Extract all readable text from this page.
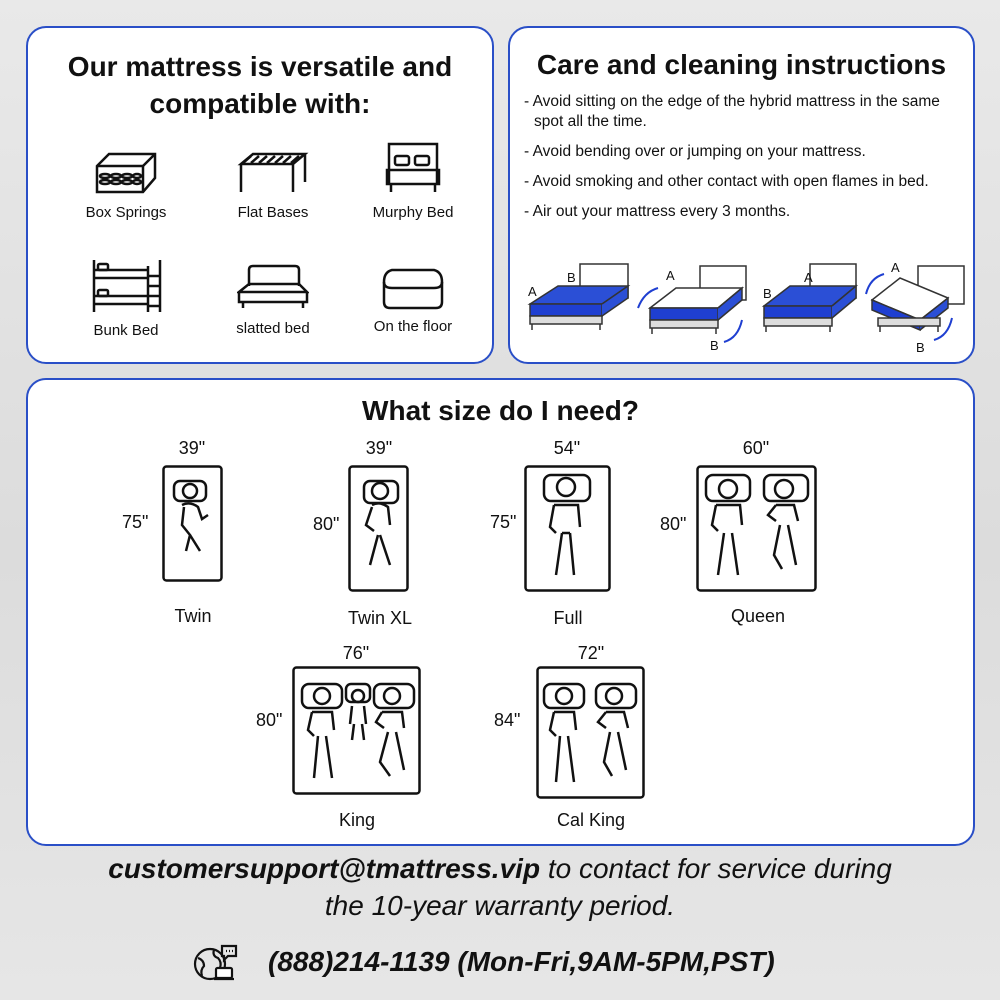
Our mattress is versatile and
compatible with:
Box Springs	Flat Bases	Murphy Bed
Bunk Bed	slatted bed	On the floor
Care and cleaning instructions
- Avoid sitting on the edge of the hybrid mattress in the same spot all the time.
- Avoid bending over or jumping on your mattress.
- Avoid smoking and other contact with open flames in bed.
- Air out your mattress every 3 months.
A
B	A
B
B
A
A
B
What size do I need?
39"
75"
Twin
39"
80"
Twin XL
54"
75"
Full
60"
80"
Queen
76"
80"
King
72"
84"
Cal King
customersupport@tmattress.vip to contact for service during
the 10-year warranty period.
(888)214-1139 (Mon-Fri,9AM-5PM,PST)
